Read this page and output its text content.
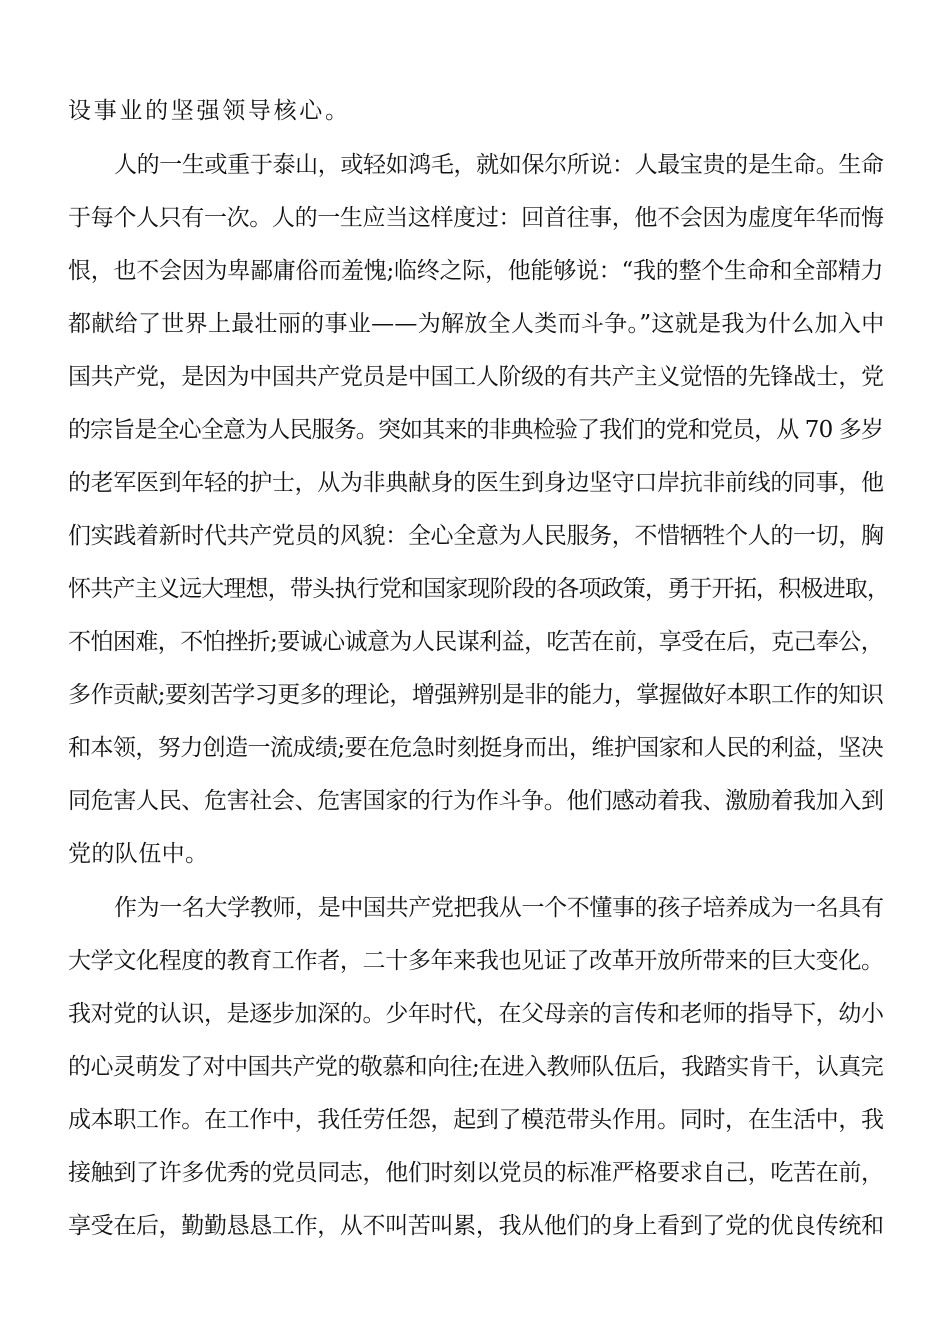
设事业的坚强领导核心。
人的一生或重于泰山，或轻如鸿毛，就如保尔所说：人最宝贵的是生命。生命
于每个人只有一次。人的一生应当这样度过：回首往事，他不会因为虚度年华而悔
恨，也不会因为卑鄙庸俗而羞愧;临终之际，他能够说：“我的整个生命和全部精力
都献给了世界上最壮丽的事业——为解放全人类而斗争。”这就是我为什么加入中
国共产党，是因为中国共产党员是中国工人阶级的有共产主义觉悟的先锋战士，党
的宗旨是全心全意为人民服务。突如其来的非典检验了我们的党和党员，从 70 多岁
的老军医到年轻的护士，从为非典献身的医生到身边坚守口岸抗非前线的同事，他
们实践着新时代共产党员的风貌：全心全意为人民服务，不惜牺牲个人的一切，胸
怀共产主义远大理想，带头执行党和国家现阶段的各项政策，勇于开拓，积极进取，
不怕困难，不怕挫折;要诚心诚意为人民谋利益，吃苦在前，享受在后，克己奉公，
多作贡献;要刻苦学习更多的理论，增强辨别是非的能力，掌握做好本职工作的知识
和本领，努力创造一流成绩;要在危急时刻挺身而出，维护国家和人民的利益，坚决
同危害人民、危害社会、危害国家的行为作斗争。他们感动着我、激励着我加入到
党的队伍中。
作为一名大学教师，是中国共产党把我从一个不懂事的孩子培养成为一名具有
大学文化程度的教育工作者，二十多年来我也见证了改革开放所带来的巨大变化。
我对党的认识，是逐步加深的。少年时代，在父母亲的言传和老师的指导下，幼小
的心灵萌发了对中国共产党的敬慕和向往;在进入教师队伍后，我踏实肯干，认真完
成本职工作。在工作中，我任劳任怨，起到了模范带头作用。同时，在生活中，我
接触到了许多优秀的党员同志，他们时刻以党员的标准严格要求自己，吃苦在前，
享受在后，勤勤恳恳工作，从不叫苦叫累，我从他们的身上看到了党的优良传统和
